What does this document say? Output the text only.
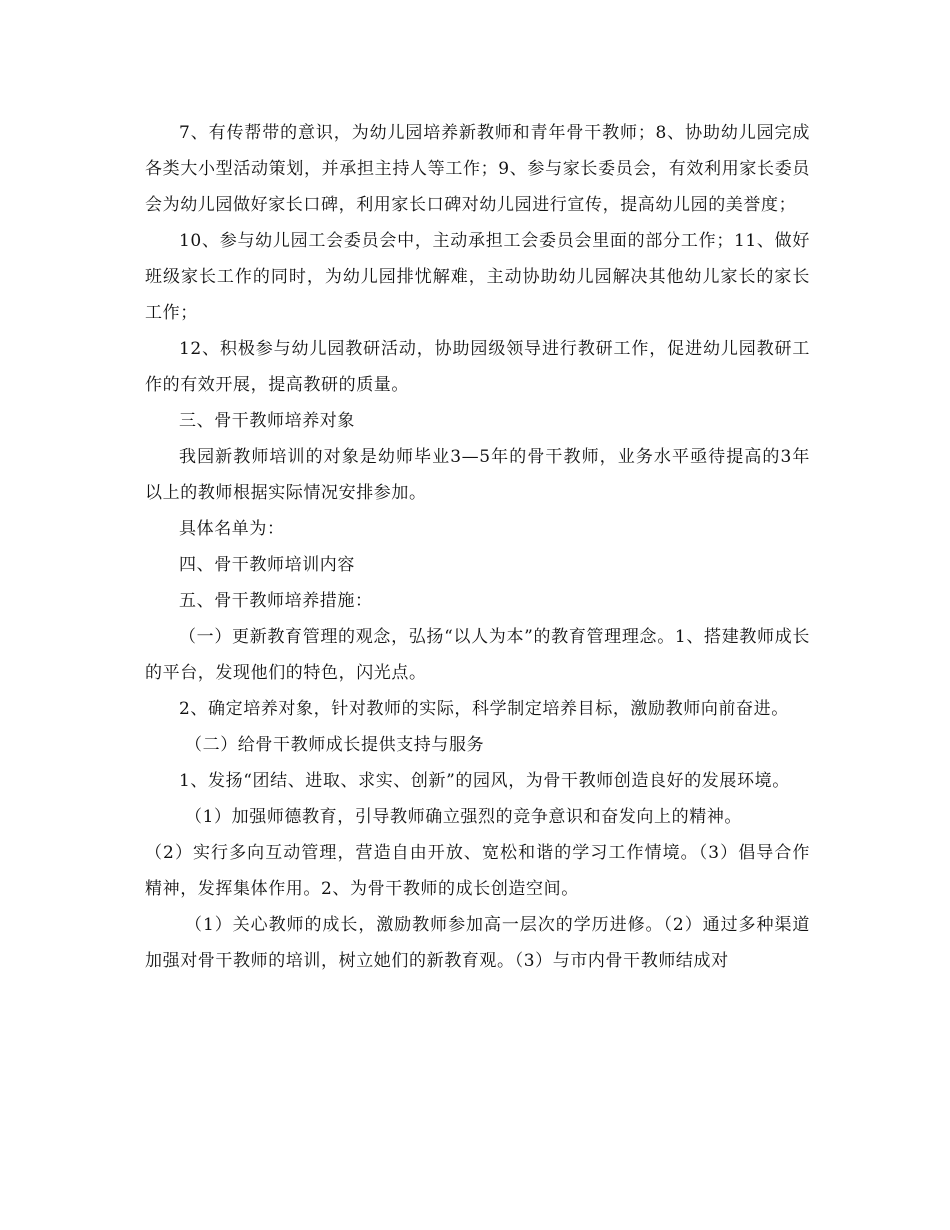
7、有传帮带的意识，为幼儿园培养新教师和青年骨干教师；8、协助幼儿园完成各类大小型活动策划，并承担主持人等工作；9、参与家长委员会，有效利用家长委员会为幼儿园做好家长口碑，利用家长口碑对幼儿园进行宣传，提高幼儿园的美誉度；

10、参与幼儿园工会委员会中，主动承担工会委员会里面的部分工作；11、做好班级家长工作的同时，为幼儿园排忧解难，主动协助幼儿园解决其他幼儿家长的家长工作；

12、积极参与幼儿园教研活动，协助园级领导进行教研工作，促进幼儿园教研工作的有效开展，提高教研的质量。

三、骨干教师培养对象

我园新教师培训的对象是幼师毕业3—5年的骨干教师，业务水平亟待提高的3年以上的教师根据实际情况安排参加。

具体名单为：

四、骨干教师培训内容

五、骨干教师培养措施：

（一）更新教育管理的观念，弘扬“以人为本”的教育管理理念。1、搭建教师成长的平台，发现他们的特色，闪光点。

2、确定培养对象，针对教师的实际，科学制定培养目标，激励教师向前奋进。

（二）给骨干教师成长提供支持与服务

1、发扬“团结、进取、求实、创新”的园风，为骨干教师创造良好的发展环境。

（1）加强师德教育，引导教师确立强烈的竞争意识和奋发向上的精神。

（2）实行多向互动管理，营造自由开放、宽松和谐的学习工作情境。（3）倡导合作精神，发挥集体作用。2、为骨干教师的成长创造空间。

（1）关心教师的成长，激励教师参加高一层次的学历进修。（2）通过多种渠道加强对骨干教师的培训，树立她们的新教育观。（3）与市内骨干教师结成对
